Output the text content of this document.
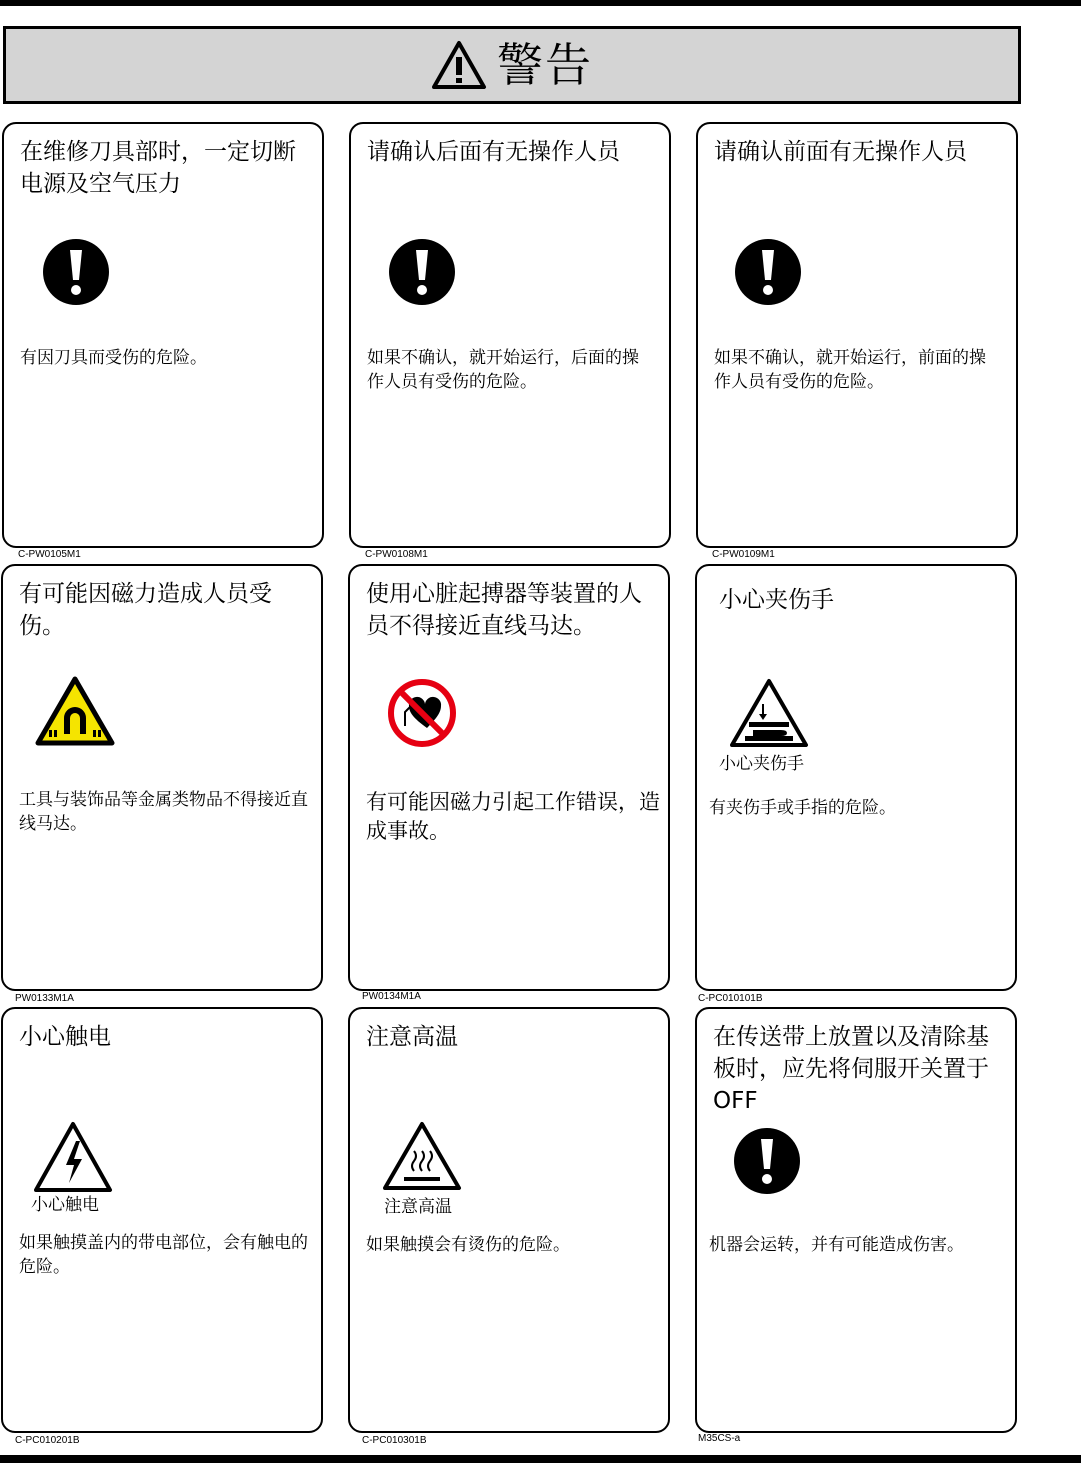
警告
在维修刀具部时，一定切断电源及空气压力
有因刀具而受伤的危险。
C-PW0105M1
请确认后面有无操作人员
如果不确认，就开始运行，后面的操作人员有受伤的危险。
C-PW0108M1
请确认前面有无操作人员
如果不确认，就开始运行，前面的操作人员有受伤的危险。
C-PW0109M1
有可能因磁力造成人员受伤。
工具与装饰品等金属类物品不得接近直线马达。
PW0133M1A
使用心脏起搏器等装置的人员不得接近直线马达。
有可能因磁力引起工作错误，造成事故。
PW0134M1A
小心夹伤手
小心夹伤手
有夹伤手或手指的危险。
C-PC010101B
小心触电
小心触电
如果触摸盖内的带电部位，会有触电的危险。
C-PC010201B
注意高温
注意高温
如果触摸会有烫伤的危险。
C-PC010301B
在传送带上放置以及清除基板时，应先将伺服开关置于OFF
机器会运转，并有可能造成伤害。
M35CS-a
